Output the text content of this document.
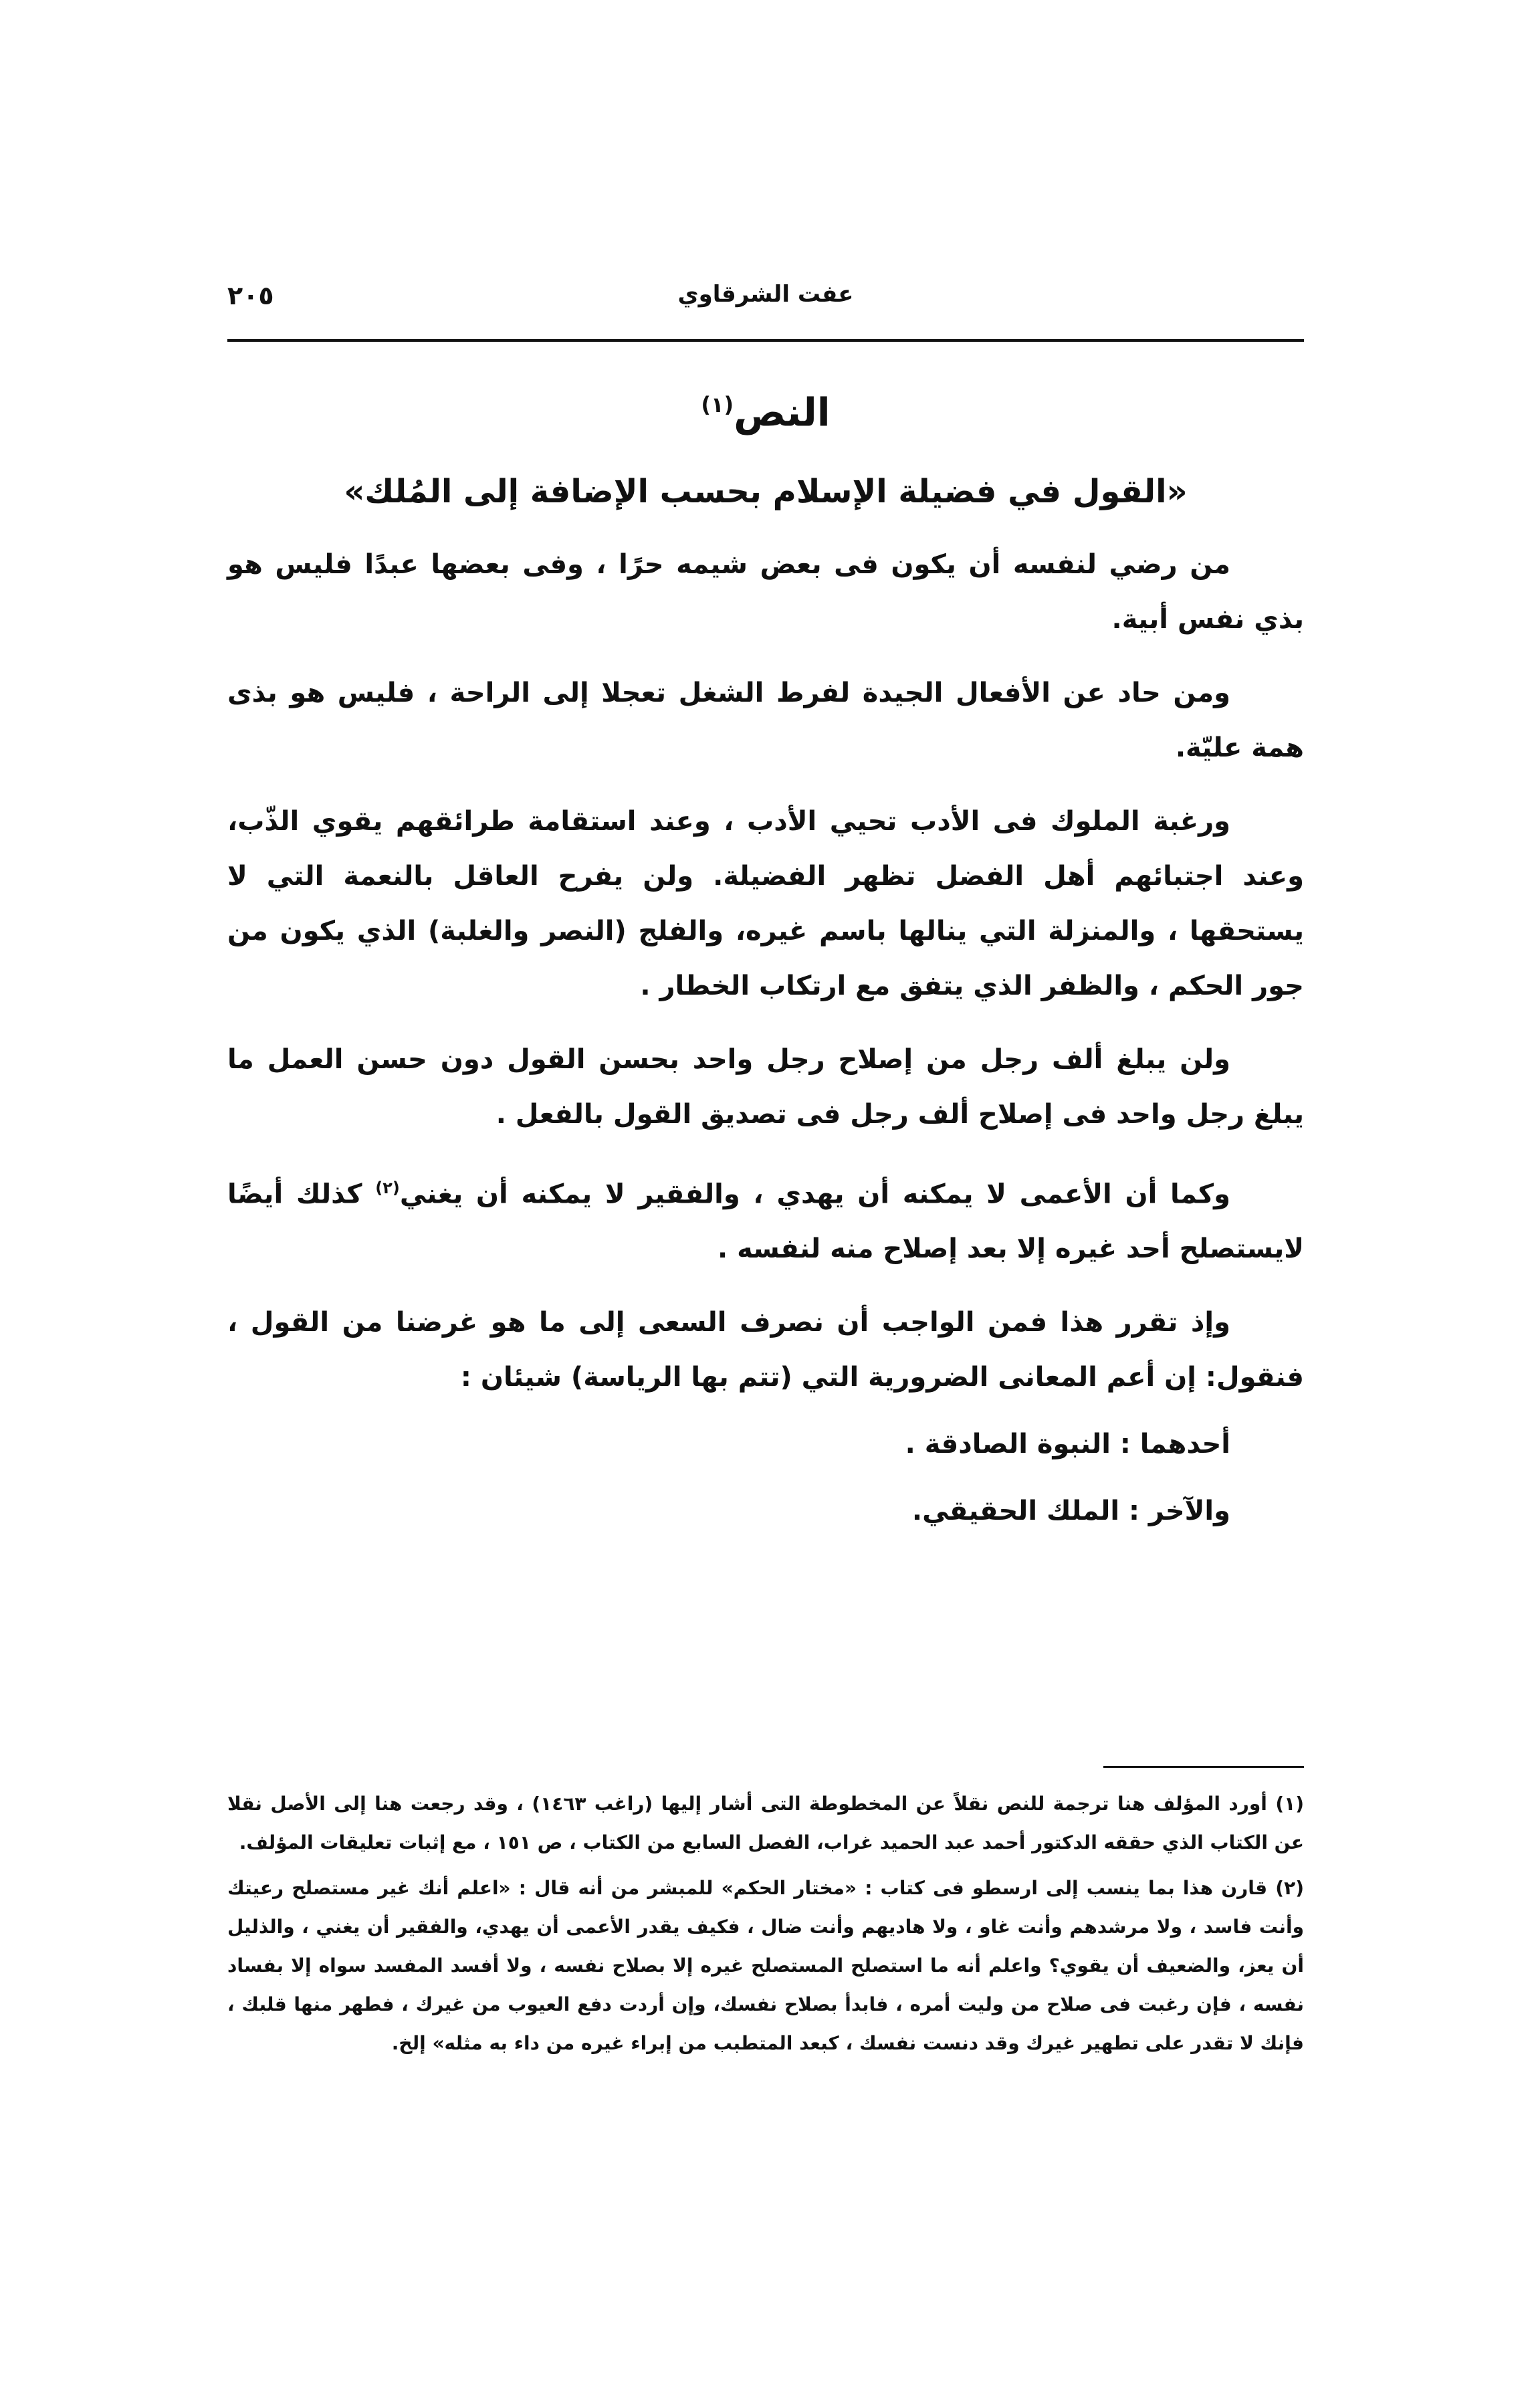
عفت الشرقاوي
٢٠٥
النص$^{(١)}$
«القول في فضيلة الإسلام بحسب الإضافة إلى المُلك»

من رضي لنفسه أن يكون فى بعض شيمه حرًا ، وفى بعضها عبدًا فليس هو بذي نفس أبية.

ومن حاد عن الأفعال الجيدة لفرط الشغل تعجلا إلى الراحة ، فليس هو بذى همة عليّة.

ورغبة الملوك فى الأدب تحيي الأدب ، وعند استقامة طرائقهم يقوي الذّب، وعند اجتبائهم أهل الفضل تظهر الفضيلة. ولن يفرح العاقل بالنعمة التي لا يستحقها ، والمنزلة التي ينالها باسم غيره، والفلج (النصر والغلبة) الذي يكون من جور الحكم ، والظفر الذي يتفق مع ارتكاب الخطار .

ولن يبلغ ألف رجل من إصلاح رجل واحد بحسن القول دون حسن العمل ما يبلغ رجل واحد فى إصلاح ألف رجل فى تصديق القول بالفعل .

وكما أن الأعمى لا يمكنه أن يهدي ، والفقير لا يمكنه أن يغني$^{(٢)}$ كذلك أيضًا لايستصلح أحد غيره إلا بعد إصلاح منه لنفسه .

وإذ تقرر هذا فمن الواجب أن نصرف السعى إلى ما هو غرضنا من القول ، فنقول: إن أعم المعانى الضرورية التي (تتم بها الرياسة) شيئان :

أحدهما : النبوة الصادقة .
والآخر : الملك الحقيقي.

(١) أورد المؤلف هنا ترجمة للنص نقلاً عن المخطوطة التى أشار إليها (راغب ١٤٦٣) ، وقد رجعت هنا إلى الأصل نقلا عن الكتاب الذي حققه الدكتور أحمد عبد الحميد غراب، الفصل السابع من الكتاب ، ص ١٥١ ، مع إثبات تعليقات المؤلف.

(٢) قارن هذا بما ينسب إلى ارسطو فى كتاب : «مختار الحكم» للمبشر من أنه قال : «اعلم أنك غير مستصلح رعيتك وأنت فاسد ، ولا مرشدهم وأنت غاو ، ولا هاديهم وأنت ضال ، فكيف يقدر الأعمى أن يهدي، والفقير أن يغني ، والذليل أن يعز، والضعيف أن يقوي؟ واعلم أنه ما استصلح المستصلح غيره إلا بصلاح نفسه ، ولا أفسد المفسد سواه إلا بفساد نفسه ، فإن رغبت فى صلاح من وليت أمره ، فابدأ بصلاح نفسك، وإن أردت دفع العيوب من غيرك ، فطهر منها قلبك ، فإنك لا تقدر على تطهير غيرك وقد دنست نفسك ، كبعد المتطبب من إبراء غيره من داء به مثله» إلخ.
